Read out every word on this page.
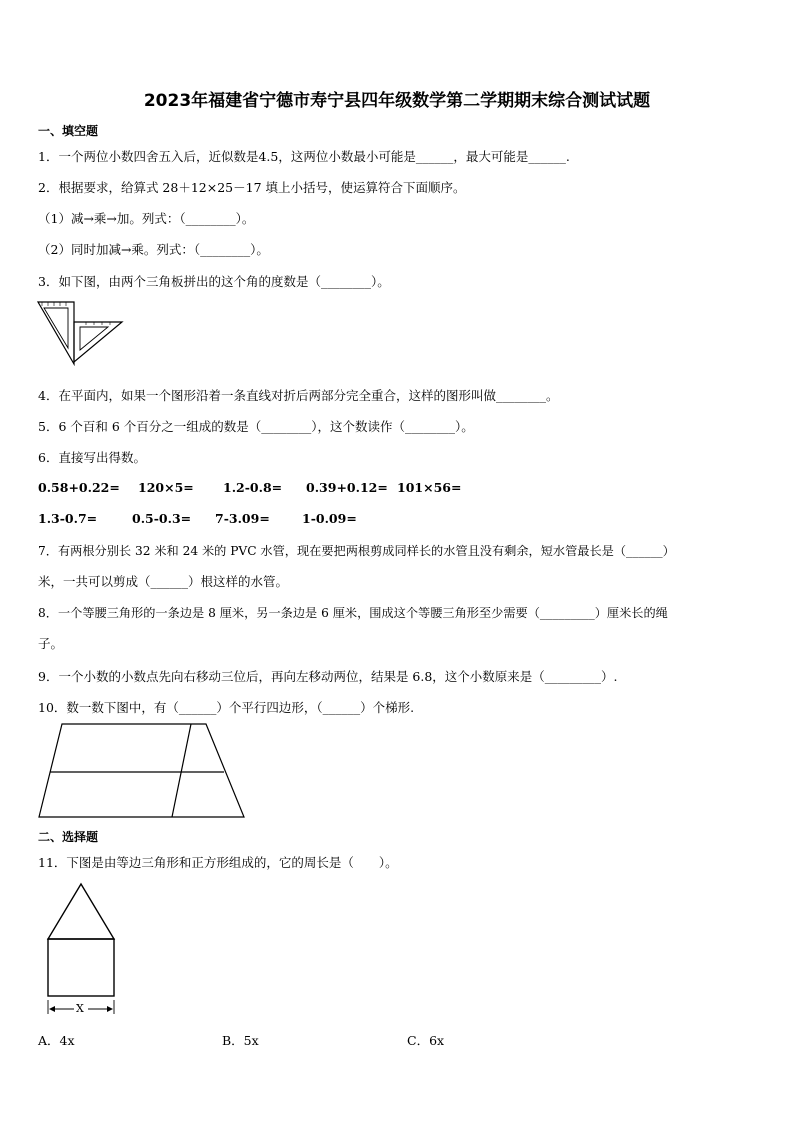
2023年福建省宁德市寿宁县四年级数学第二学期期末综合测试试题
一、填空题
1．一个两位小数四舍五入后，近似数是4.5，这两位小数最小可能是______，最大可能是______.
2．根据要求，给算式 28＋12×25－17 填上小括号，使运算符合下面顺序。
（1）减→乘→加。列式：（________）。
（2）同时加减→乘。列式：（________）。
3．如下图，由两个三角板拼出的这个角的度数是（________）。
4．在平面内，如果一个图形沿着一条直线对折后两部分完全重合，这样的图形叫做________。
5．6 个百和 6 个百分之一组成的数是（________），这个数读作（________）。
6．直接写出得数。
0.58+0.22= 120×5= 1.2-0.8= 0.39+0.12= 101×56=
1.3-0.7=	0.5-0.3= 7-3.09=	1-0.09=
7．有两根分别长 32 米和 24 米的 PVC 水管，现在要把两根剪成同样长的水管且没有剩余，短水管最长是（______）
米，一共可以剪成（______）根这样的水管。
8．一个等腰三角形的一条边是 8 厘米，另一条边是 6 厘米，围成这个等腰三角形至少需要（_________）厘米长的绳
子。
9．一个小数的小数点先向右移动三位后，再向左移动两位，结果是 6.8，这个小数原来是（_________）.
10．数一数下图中，有（______）个平行四边形，（______）个梯形.
二、选择题
11．下图是由等边三角形和正方形组成的，它的周长是（　　）。
X
A．4x	B．5x	C．6x
